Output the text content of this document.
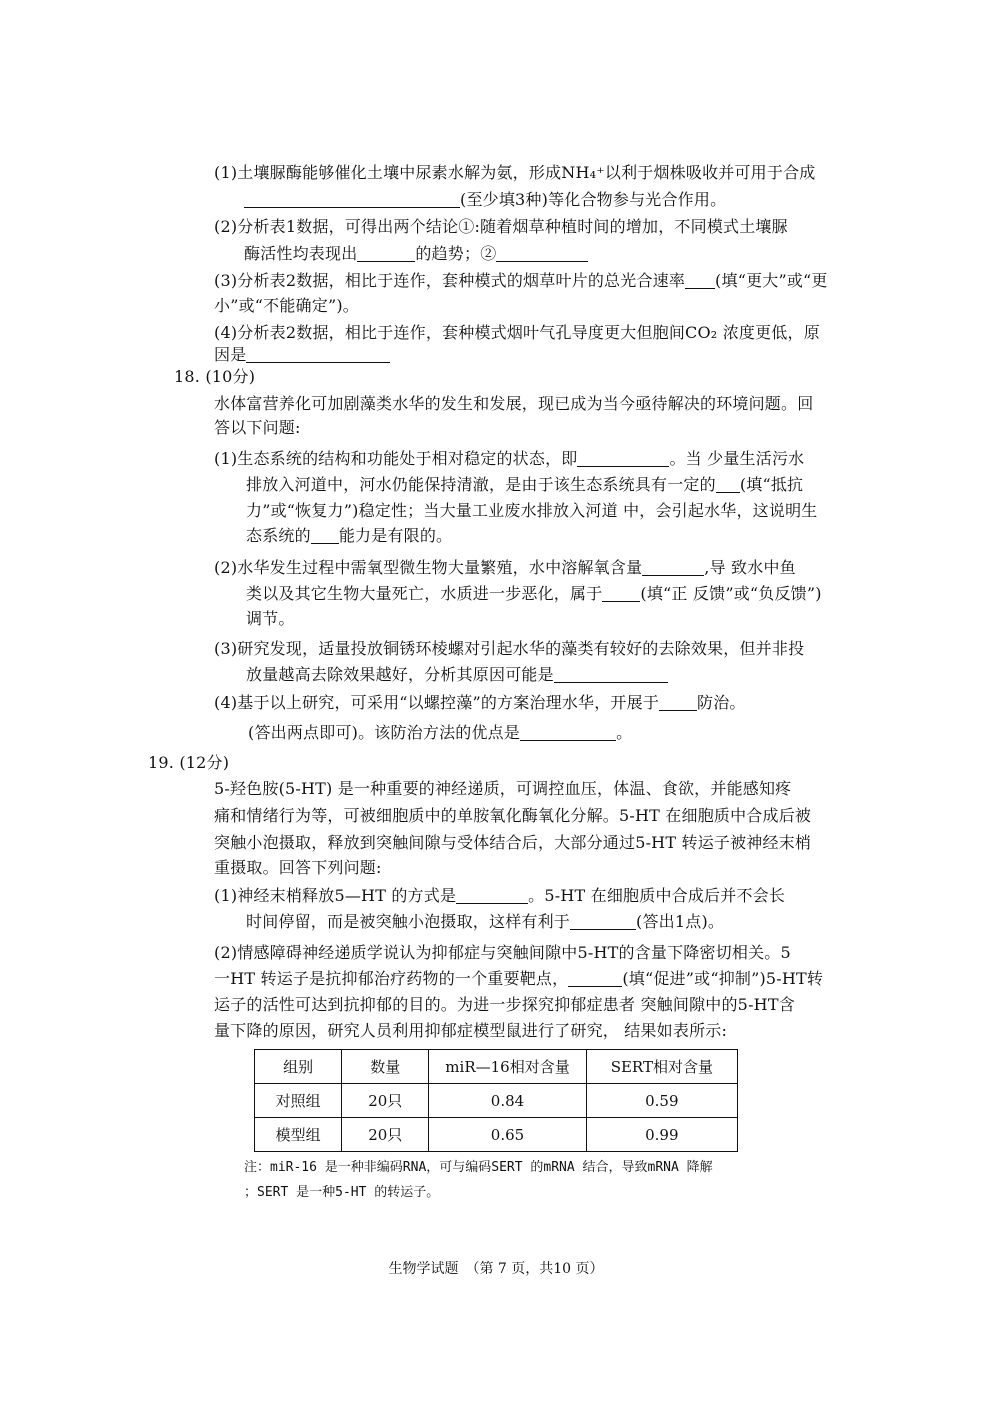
(1)土壤脲酶能够催化土壤中尿素水解为氨，形成NH₄⁺以利于烟株吸收并可用于合成
(至少填3种)等化合物参与光合作用。
(2)分析表1数据，可得出两个结论①:随着烟草种植时间的增加，不同模式土壤脲
酶活性均表现出	的趋势；②
(3)分析表2数据，相比于连作，套种模式的烟草叶片的总光合速率 (填“更大”或“更
小”或“不能确定”)。
(4)分析表2数据，相比于连作，套种模式烟叶气孔导度更大但胞间CO₂ 浓度更低，原
因是
18. (10分)
水体富营养化可加剧藻类水华的发生和发展，现已成为当今亟待解决的环境问题。回
答以下问题:
(1)生态系统的结构和功能处于相对稳定的状态，即	。当 少量生活污水
排放入河道中，河水仍能保持清澈，是由于该生态系统具有一定的 (填“抵抗
力”或“恢复力”)稳定性；当大量工业废水排放入河道 中，会引起水华，这说明生
态系统的 能力是有限的。
(2)水华发生过程中需氧型微生物大量繁殖，水中溶解氧含量	,导 致水中鱼
类以及其它生物大量死亡，水质进一步恶化，属于 (填“正 反馈”或“负反馈”)
调节。
(3)研究发现，适量投放铜锈环棱螺对引起水华的藻类有较好的去除效果，但并非投
放量越高去除效果越好，分析其原因可能是
(4)基于以上研究，可采用“以螺控藻”的方案治理水华，开展于 防治。
(答出两点即可)。该防治方法的优点是	。
19. (12分)
5-羟色胺(5-HT) 是一种重要的神经递质，可调控血压，体温、食欲，并能感知疼
痛和情绪行为等，可被细胞质中的单胺氧化酶氧化分解。5-HT 在细胞质中合成后被
突触小泡摄取，释放到突触间隙与受体结合后，大部分通过5-HT 转运子被神经末梢
重摄取。回答下列问题:
(1)神经末梢释放5—HT 的方式是	。5-HT 在细胞质中合成后并不会长
时间停留，而是被突触小泡摄取，这样有利于	(答出1点)。
(2)情感障碍神经递质学说认为抑郁症与突触间隙中5-HT的含量下降密切相关。5
一HT 转运子是抗抑郁治疗药物的一个重要靶点，	(填“促进”或“抑制”)5-HT转
运子的活性可达到抗抑郁的目的。为进一步探究抑郁症患者 突触间隙中的5-HT含
量下降的原因，研究人员利用抑郁症模型鼠进行了研究， 结果如表所示:
组别	数量	miR—16相对含量	SERT相对含量
对照组	20只	0.84	0.59
模型组	20只	0.65	0.99
注：miR-16 是一种非编码RNA，可与编码SERT 的mRNA 结合，导致mRNA 降解
；SERT 是一种5-HT 的转运子。
生物学试题　（第 7 页，共10 页）
